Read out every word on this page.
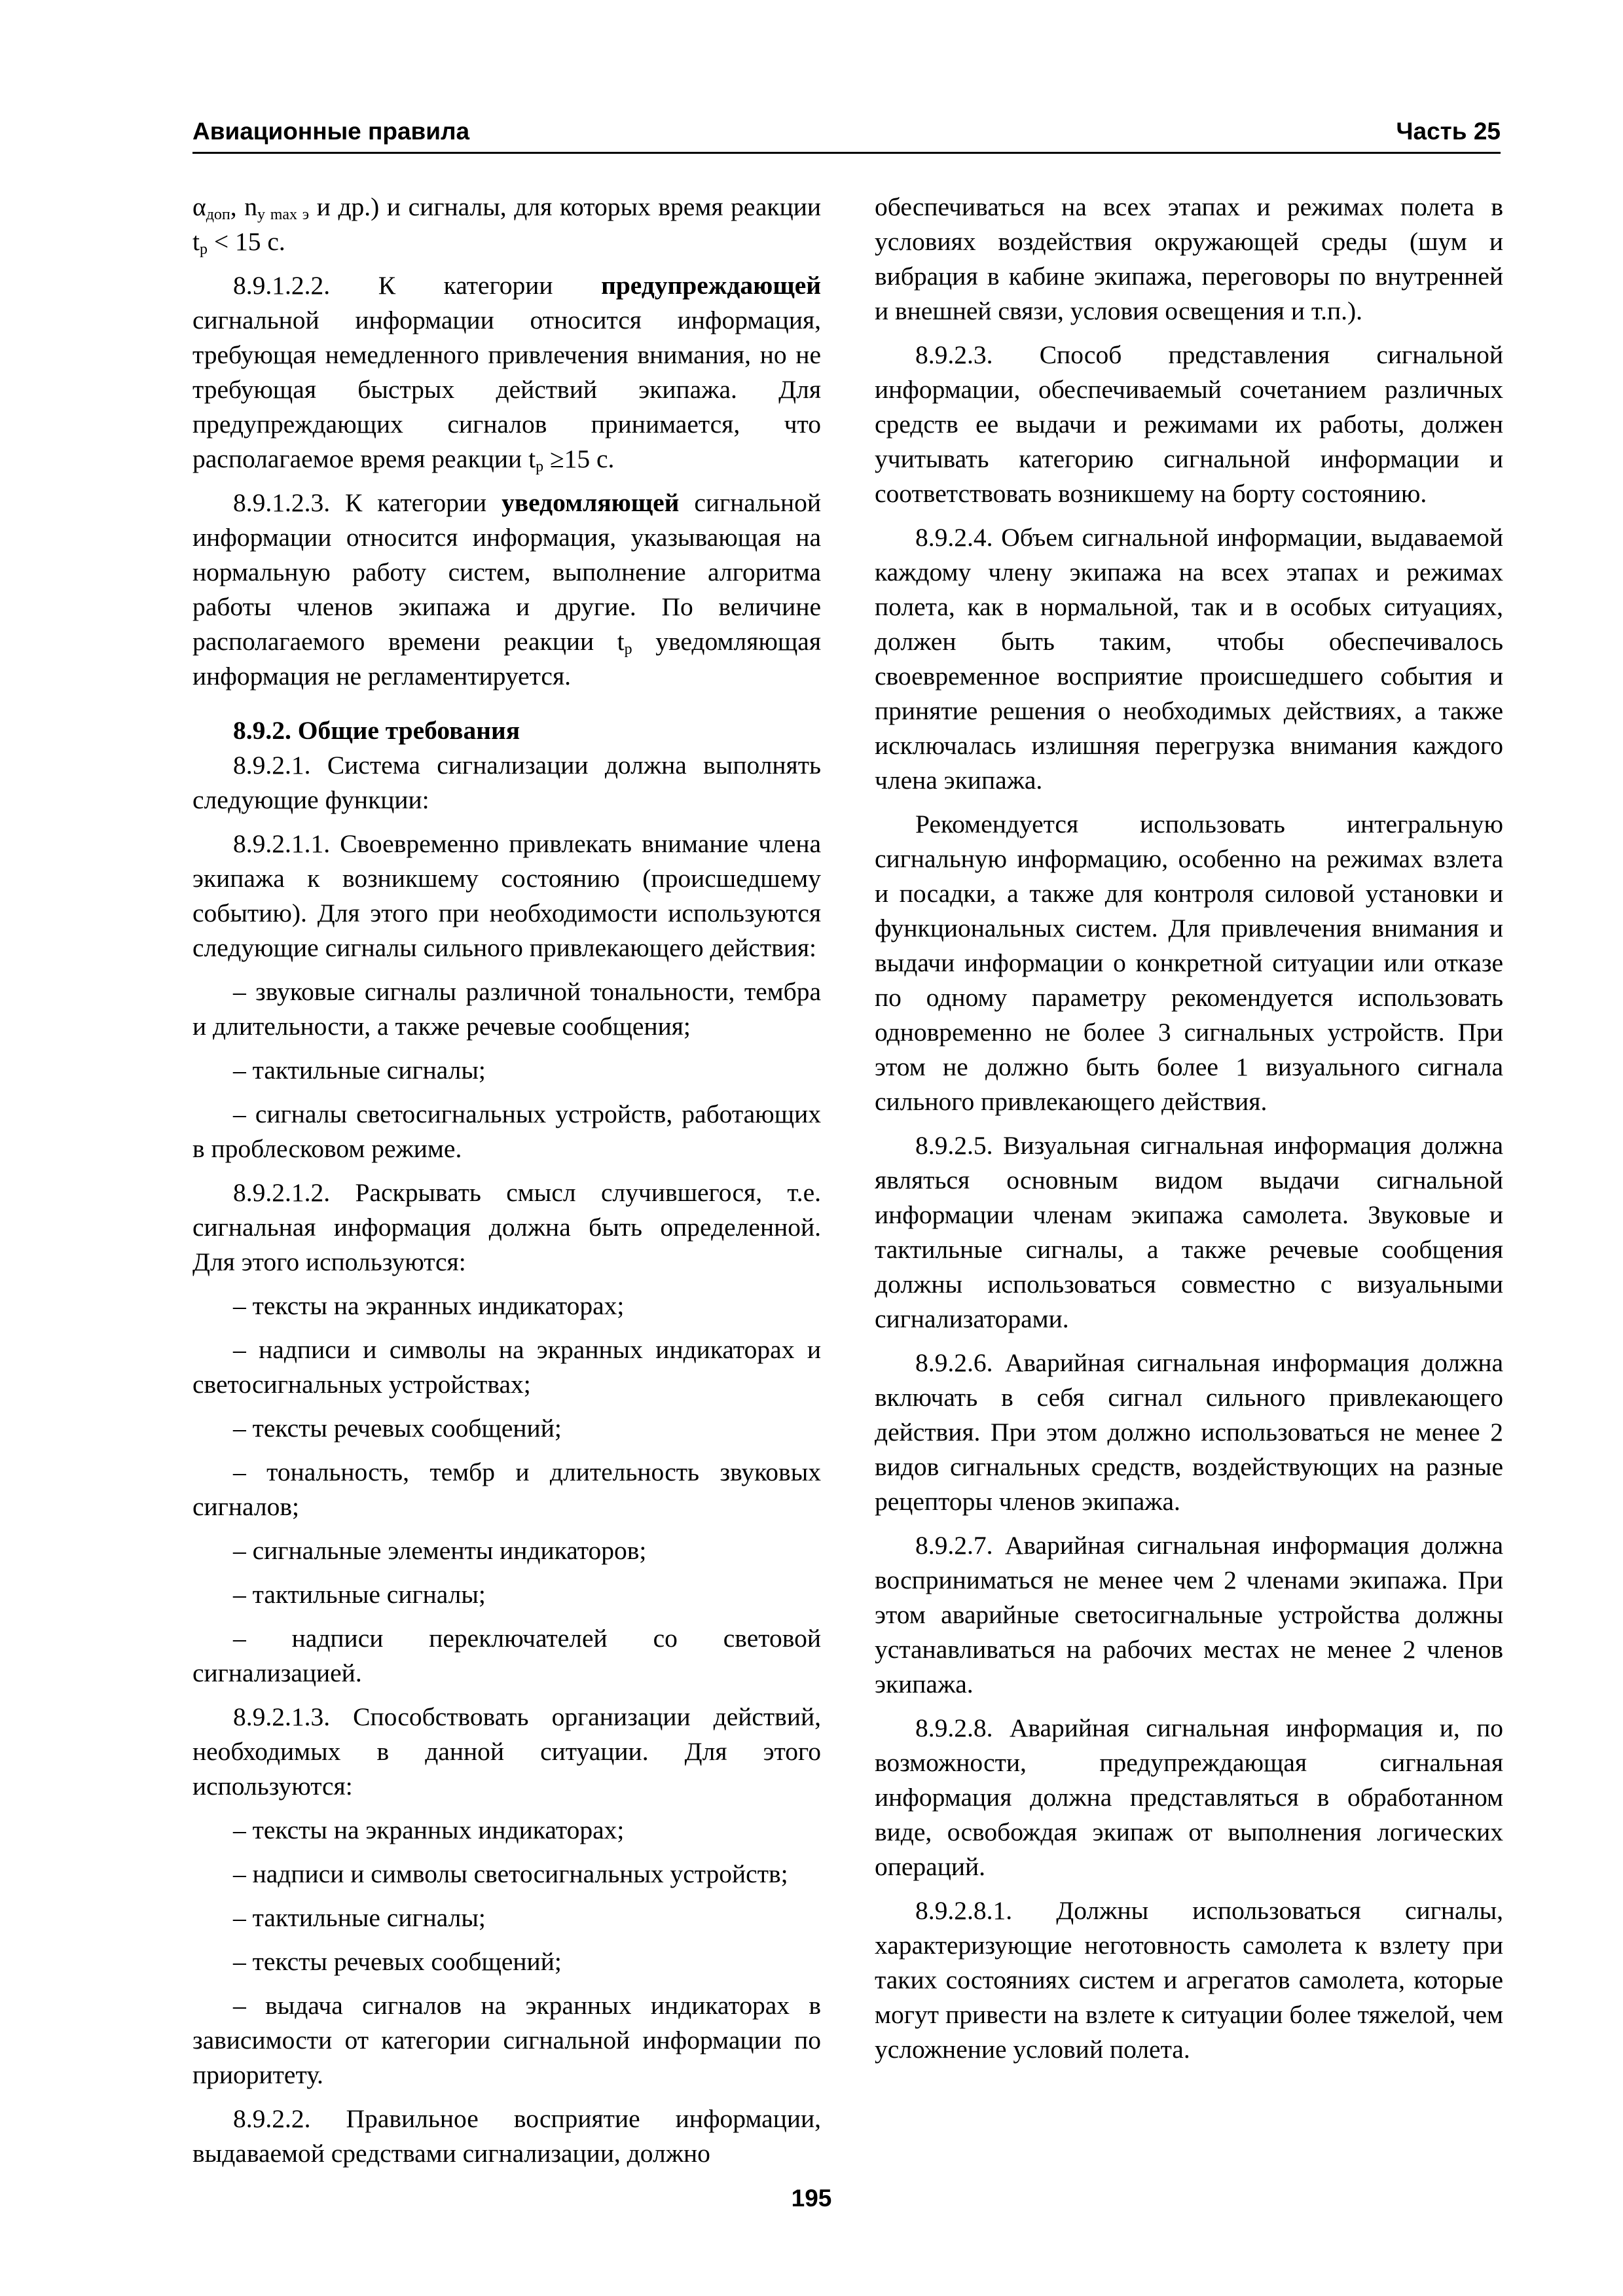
Авиационные правила	Часть 25

$\alpha_{доп}$, $n_{y max э}$ и др.) и сигналы, для которых время реакции $t_р < 15$ с.

8.9.1.2.2. К категории предупреждающей сигнальной информации относится информация, требующая немедленного привлечения внимания, но не требующая быстрых действий экипажа. Для предупреждающих сигналов принимается, что располагаемое время реакции $t_р \ge 15$ с.

8.9.1.2.3. К категории уведомляющей сигнальной информации относится информация, указывающая на нормальную работу систем, выполнение алгоритма работы членов экипажа и другие. По величине располагаемого времени реакции $t_р$ уведомляющая информация не регламентируется.

8.9.2. Общие требования

8.9.2.1. Система сигнализации должна выполнять следующие функции:

8.9.2.1.1. Своевременно привлекать внимание члена экипажа к возникшему состоянию (происшедшему событию). Для этого при необходимости используются следующие сигналы сильного привлекающего действия:

– звуковые сигналы различной тональности, тембра и длительности, а также речевые сообщения;

– тактильные сигналы;

– сигналы светосигнальных устройств, работающих в проблесковом режиме.

8.9.2.1.2. Раскрывать смысл случившегося, т.е. сигнальная информация должна быть определенной. Для этого используются:

– тексты на экранных индикаторах;

– надписи и символы на экранных индикаторах и светосигнальных устройствах;

– тексты речевых сообщений;

– тональность, тембр и длительность звуковых сигналов;

– сигнальные элементы индикаторов;

– тактильные сигналы;

– надписи переключателей со световой сигнализацией.

8.9.2.1.3. Способствовать организации действий, необходимых в данной ситуации. Для этого используются:

– тексты на экранных индикаторах;

– надписи и символы светосигнальных устройств;

– тактильные сигналы;

– тексты речевых сообщений;

– выдача сигналов на экранных индикаторах в зависимости от категории сигнальной информации по приоритету.

8.9.2.2. Правильное восприятие информации, выдаваемой средствами сигнализации, должно

обеспечиваться на всех этапах и режимах полета в условиях воздействия окружающей среды (шум и вибрация в кабине экипажа, переговоры по внутренней и внешней связи, условия освещения и т.п.).

8.9.2.3. Способ представления сигнальной информации, обеспечиваемый сочетанием различных средств ее выдачи и режимами их работы, должен учитывать категорию сигнальной информации и соответствовать возникшему на борту состоянию.

8.9.2.4. Объем сигнальной информации, выдаваемой каждому члену экипажа на всех этапах и режимах полета, как в нормальной, так и в особых ситуациях, должен быть таким, чтобы обеспечивалось своевременное восприятие происшедшего события и принятие решения о необходимых действиях, а также исключалась излишняя перегрузка внимания каждого члена экипажа.

Рекомендуется использовать интегральную сигнальную информацию, особенно на режимах взлета и посадки, а также для контроля силовой установки и функциональных систем. Для привлечения внимания и выдачи информации о конкретной ситуации или отказе по одному параметру рекомендуется использовать одновременно не более 3 сигнальных устройств. При этом не должно быть более 1 визуального сигнала сильного привлекающего действия.

8.9.2.5. Визуальная сигнальная информация должна являться основным видом выдачи сигнальной информации членам экипажа самолета. Звуковые и тактильные сигналы, а также речевые сообщения должны использоваться совместно с визуальными сигнализаторами.

8.9.2.6. Аварийная сигнальная информация должна включать в себя сигнал сильного привлекающего действия. При этом должно использоваться не менее 2 видов сигнальных средств, воздействующих на разные рецепторы членов экипажа.

8.9.2.7. Аварийная сигнальная информация должна восприниматься не менее чем 2 членами экипажа. При этом аварийные светосигнальные устройства должны устанавливаться на рабочих местах не менее 2 членов экипажа.

8.9.2.8. Аварийная сигнальная информация и, по возможности, предупреждающая сигнальная информация должна представляться в обработанном виде, освобождая экипаж от выполнения логических операций.

8.9.2.8.1. Должны использоваться сигналы, характеризующие неготовность самолета к взлету при таких состояниях систем и агрегатов самолета, которые могут привести на взлете к ситуации более тяжелой, чем усложнение условий полета.

195
